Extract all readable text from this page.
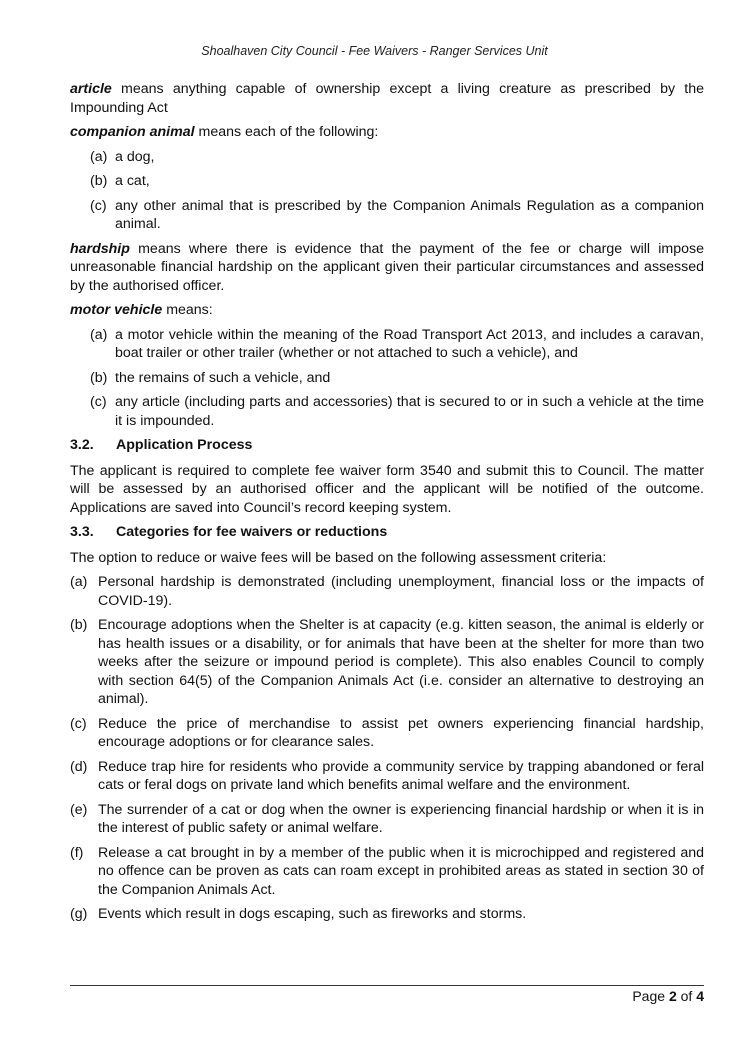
Shoalhaven City Council - Fee Waivers - Ranger Services Unit

article means anything capable of ownership except a living creature as prescribed by the Impounding Act

companion animal means each of the following:

(a) a dog,
(b) a cat,
(c) any other animal that is prescribed by the Companion Animals Regulation as a companion animal.

hardship means where there is evidence that the payment of the fee or charge will impose unreasonable financial hardship on the applicant given their particular circumstances and assessed by the authorised officer.

motor vehicle means:

(a) a motor vehicle within the meaning of the Road Transport Act 2013, and includes a caravan, boat trailer or other trailer (whether or not attached to such a vehicle), and
(b) the remains of such a vehicle, and
(c) any article (including parts and accessories) that is secured to or in such a vehicle at the time it is impounded.
3.2. Application Process

The applicant is required to complete fee waiver form 3540 and submit this to Council. The matter will be assessed by an authorised officer and the applicant will be notified of the outcome. Applications are saved into Council’s record keeping system.

3.3. Categories for fee waivers or reductions

The option to reduce or waive fees will be based on the following assessment criteria:

(a) Personal hardship is demonstrated (including unemployment, financial loss or the impacts of COVID-19).
(b) Encourage adoptions when the Shelter is at capacity (e.g. kitten season, the animal is elderly or has health issues or a disability, or for animals that have been at the shelter for more than two weeks after the seizure or impound period is complete). This also enables Council to comply with section 64(5) of the Companion Animals Act (i.e. consider an alternative to destroying an animal).
(c) Reduce the price of merchandise to assist pet owners experiencing financial hardship, encourage adoptions or for clearance sales.
(d) Reduce trap hire for residents who provide a community service by trapping abandoned or feral cats or feral dogs on private land which benefits animal welfare and the environment.
(e) The surrender of a cat or dog when the owner is experiencing financial hardship or when it is in the interest of public safety or animal welfare.
(f) Release a cat brought in by a member of the public when it is microchipped and registered and no offence can be proven as cats can roam except in prohibited areas as stated in section 30 of the Companion Animals Act.
(g) Events which result in dogs escaping, such as fireworks and storms.
Page 2 of 4
